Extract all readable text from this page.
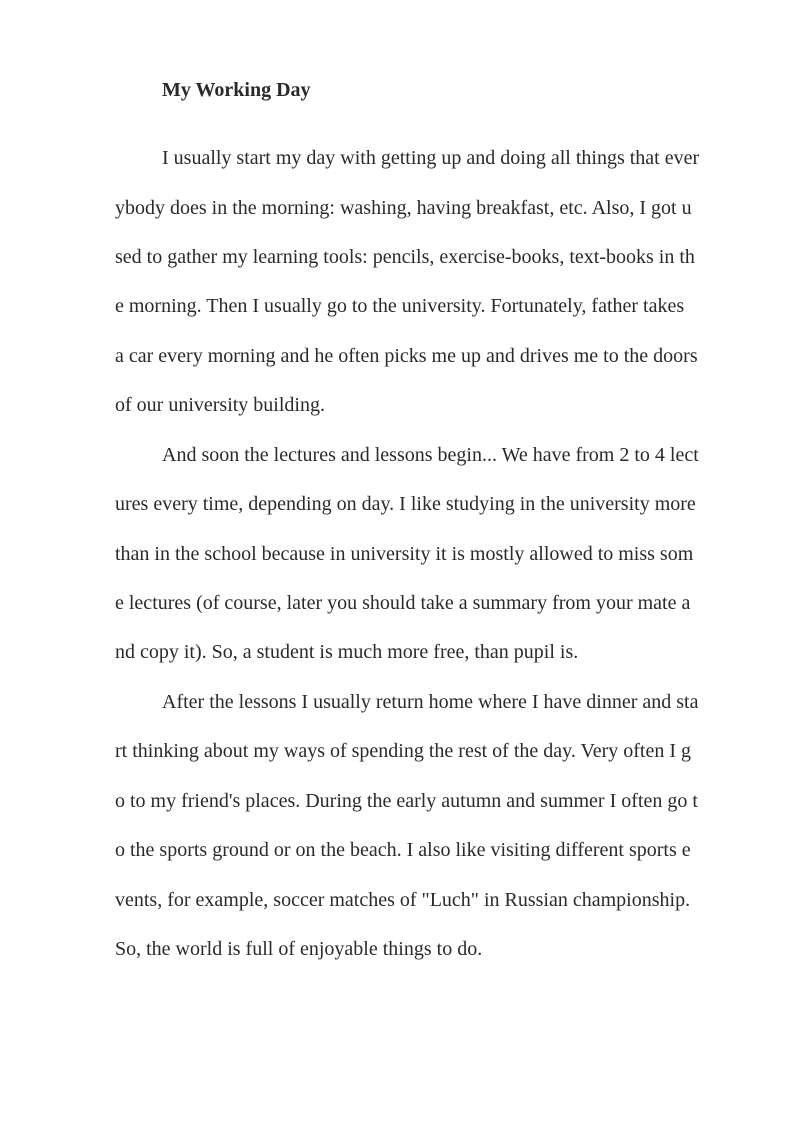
My Working Day
I usually start my day with getting up and doing all things that ever
ybody does in the morning: washing, having breakfast, etc. Also, I got u
sed to gather my learning tools: pencils, exercise-books, text-books in th
e morning. Then I usually go to the university. Fortunately, father takes
a car every morning and he often picks me up and drives me to the doors
of our university building.
And soon the lectures and lessons begin... We have from 2 to 4 lect
ures every time, depending on day. I like studying in the university more
than in the school because in university it is mostly allowed to miss som
e lectures (of course, later you should take a summary from your mate a
nd copy it). So, a student is much more free, than pupil is.
After the lessons I usually return home where I have dinner and sta
rt thinking about my ways of spending the rest of the day. Very often I g
o to my friend's places. During the early autumn and summer I often go t
o the sports ground or on the beach. I also like visiting different sports e
vents, for example, soccer matches of "Luch" in Russian championship.
So, the world is full of enjoyable things to do.
